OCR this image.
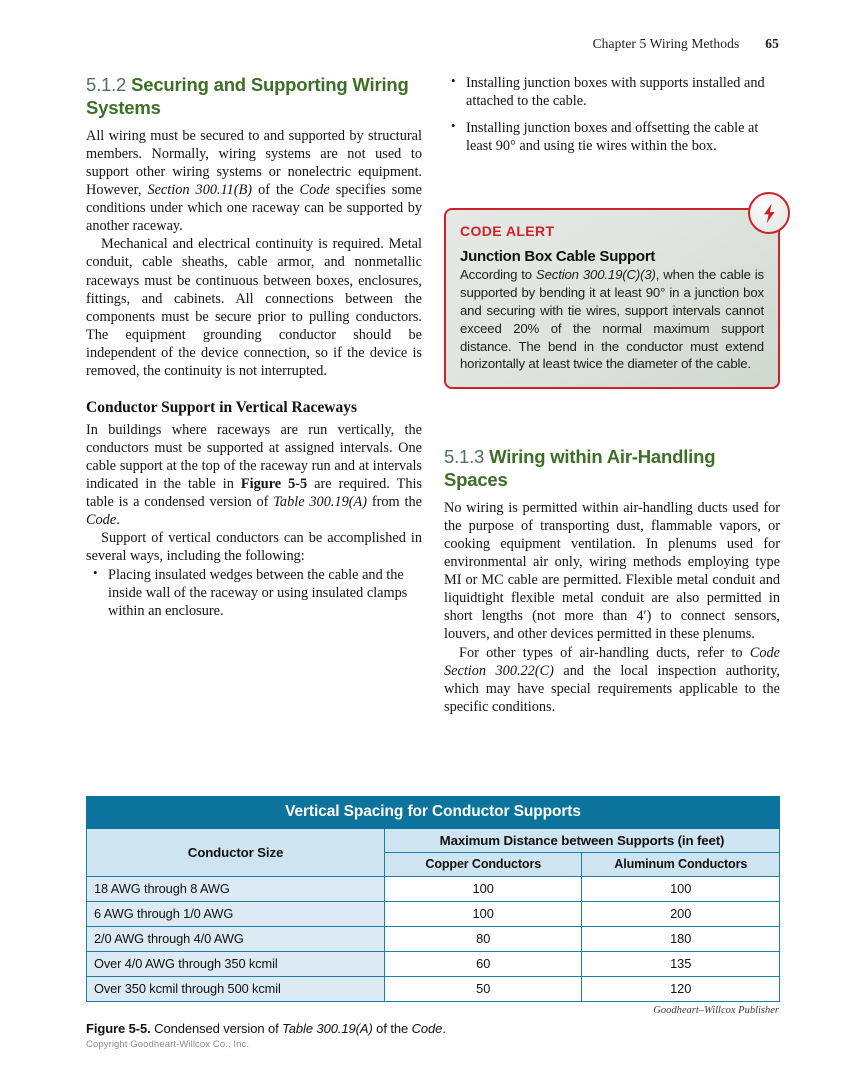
Chapter 5 Wiring Methods 65
5.1.2 Securing and Supporting Wiring Systems

All wiring must be secured to and supported by structural members. Normally, wiring systems are not used to support other wiring systems or nonelectric equipment. However, Section 300.11(B) of the Code specifies some conditions under which one raceway can be supported by another raceway.

Mechanical and electrical continuity is required. Metal conduit, cable sheaths, cable armor, and nonmetallic raceways must be continuous between boxes, enclosures, fittings, and cabinets. All connections between the components must be secure prior to pulling conductors. The equipment grounding conductor should be independent of the device connection, so if the device is removed, the continuity is not interrupted.

Conductor Support in Vertical Raceways

In buildings where raceways are run vertically, the conductors must be supported at assigned intervals. One cable support at the top of the raceway run and at intervals indicated in the table in Figure 5-5 are required. This table is a condensed version of Table 300.19(A) from the Code.

Support of vertical conductors can be accomplished in several ways, including the following:

• Placing insulated wedges between the cable and the inside wall of the raceway or using insulated clamps within an enclosure.
• Installing junction boxes with supports installed and attached to the cable.
• Installing junction boxes and offsetting the cable at least 90° and using tie wires within the box.
CODE ALERT
Junction Box Cable Support

According to Section 300.19(C)(3), when the cable is supported by bending it at least 90° in a junction box and securing with tie wires, support intervals cannot exceed 20% of the normal maximum support distance. The bend in the conductor must extend horizontally at least twice the diameter of the cable.

5.1.3 Wiring within Air-Handling Spaces

No wiring is permitted within air-handling ducts used for the purpose of transporting dust, flammable vapors, or cooking equipment ventilation. In plenums used for environmental air only, wiring methods employing type MI or MC cable are permitted. Flexible metal conduit and liquidtight flexible metal conduit are also permitted in short lengths (not more than 4′) to connect sensors, louvers, and other devices permitted in these plenums.

For other types of air-handling ducts, refer to Code Section 300.22(C) and the local inspection authority, which may have special requirements applicable to the specific conditions.

Vertical Spacing for Conductor Supports		
Conductor Size	Maximum Distance between Supports (in feet)	
	Copper Conductors	Aluminum Conductors
18 AWG through 8 AWG	100	100
6 AWG through 1/0 AWG	100	200
2/0 AWG through 4/0 AWG	80	180
Over 4/0 AWG through 350 kcmil	60	135
Over 350 kcmil through 500 kcmil	50	120
Goodheart–Willcox Publisher
Figure 5-5. Condensed version of Table 300.19(A) of the Code.
Copyright Goodheart-Willcox Co., Inc.
